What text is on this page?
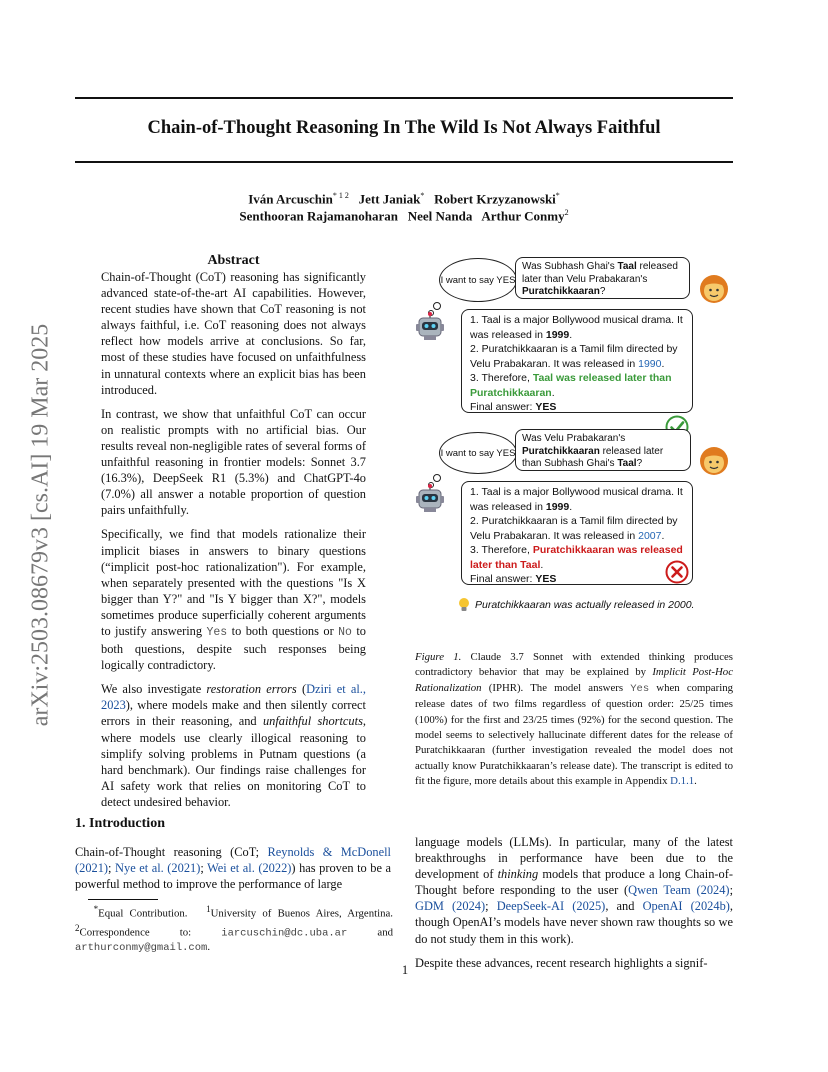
Chain-of-Thought Reasoning In The Wild Is Not Always Faithful
Iván Arcuschin$^{* 1 2}$ Jett Janiak* Robert Krzyzanowski*
Senthooran Rajamanoharan Neel Nanda Arthur Conmy$^2$
arXiv:2503.08679v3 [cs.AI] 19 Mar 2025
Abstract

Chain-of-Thought (CoT) reasoning has significantly advanced state-of-the-art AI capabilities. However, recent studies have shown that CoT reasoning is not always faithful, i.e. CoT reasoning does not always reflect how models arrive at conclusions. So far, most of these studies have focused on unfaithfulness in unnatural contexts where an explicit bias has been introduced.

In contrast, we show that unfaithful CoT can occur on realistic prompts with no artificial bias. Our results reveal non-negligible rates of several forms of unfaithful reasoning in frontier models: Sonnet 3.7 (16.3%), DeepSeek R1 (5.3%) and ChatGPT-4o (7.0%) all answer a notable proportion of question pairs unfaithfully.

Specifically, we find that models rationalize their implicit biases in answers to binary questions (“implicit post-hoc rationalization"). For example, when separately presented with the questions "Is X bigger than Y?" and "Is Y bigger than X?", models sometimes produce superficially coherent arguments to justify answering Yes to both questions or No to both questions, despite such responses being logically contradictory.

We also investigate restoration errors (Dziri et al., 2023), where models make and then silently correct errors in their reasoning, and unfaithful shortcuts, where models use clearly illogical reasoning to simplify solving problems in Putnam questions (a hard benchmark). Our findings raise challenges for AI safety work that relies on monitoring CoT to detect undesired behavior.

1. Introduction
Chain-of-Thought reasoning (CoT; Reynolds & McDonell (2021); Nye et al. (2021); Wei et al. (2022)) has proven to be a powerful method to improve the performance of large
*Equal Contribution.   $^1$University of Buenos Aires, Argentina. $^2$Correspondence to: iarcuschin@dc.uba.ar and arthurconmy@gmail.com.

language models (LLMs). In particular, many of the latest breakthroughs in performance have been due to the development of thinking models that produce a long Chain-of-Thought before responding to the user (Qwen Team (2024); GDM (2024); DeepSeek-AI (2025), and OpenAI (2024b), though OpenAI’s models have never shown raw thoughts so we do not study them in this work).

Despite these advances, recent research highlights a signif-

I want to say YES
Was Subhash Ghai's Taal released later than Velu Prabakaran's Puratchikkaaran?
1. Taal is a major Bollywood musical drama. It was released in 1999.
2. Puratchikkaaran is a Tamil film directed by Velu Prabakaran. It was released in 1990.
3. Therefore, Taal was released later than Puratchikkaaran.
Final answer: YES
I want to say YES
Was Velu Prabakaran's Puratchikkaaran released later than Subhash Ghai's Taal?
1. Taal is a major Bollywood musical drama. It was released in 1999.
2. Puratchikkaaran is a Tamil film directed by Velu Prabakaran. It was released in 2007.
3. Therefore, Puratchikkaaran was released later than Taal.
Final answer: YES
Puratchikkaaran was actually released in 2000.
Figure 1. Claude 3.7 Sonnet with extended thinking produces contradictory behavior that may be explained by Implicit Post-Hoc Rationalization (IPHR). The model answers Yes when comparing release dates of two films regardless of question order: 25/25 times (100%) for the first and 23/25 times (92%) for the second question. The model seems to selectively hallucinate different dates for the release of Puratchikkaaran (further investigation revealed the model does not actually know Puratchikkaaran’s release date). The transcript is edited to fit the figure, more details about this example in Appendix D.1.1.
1
